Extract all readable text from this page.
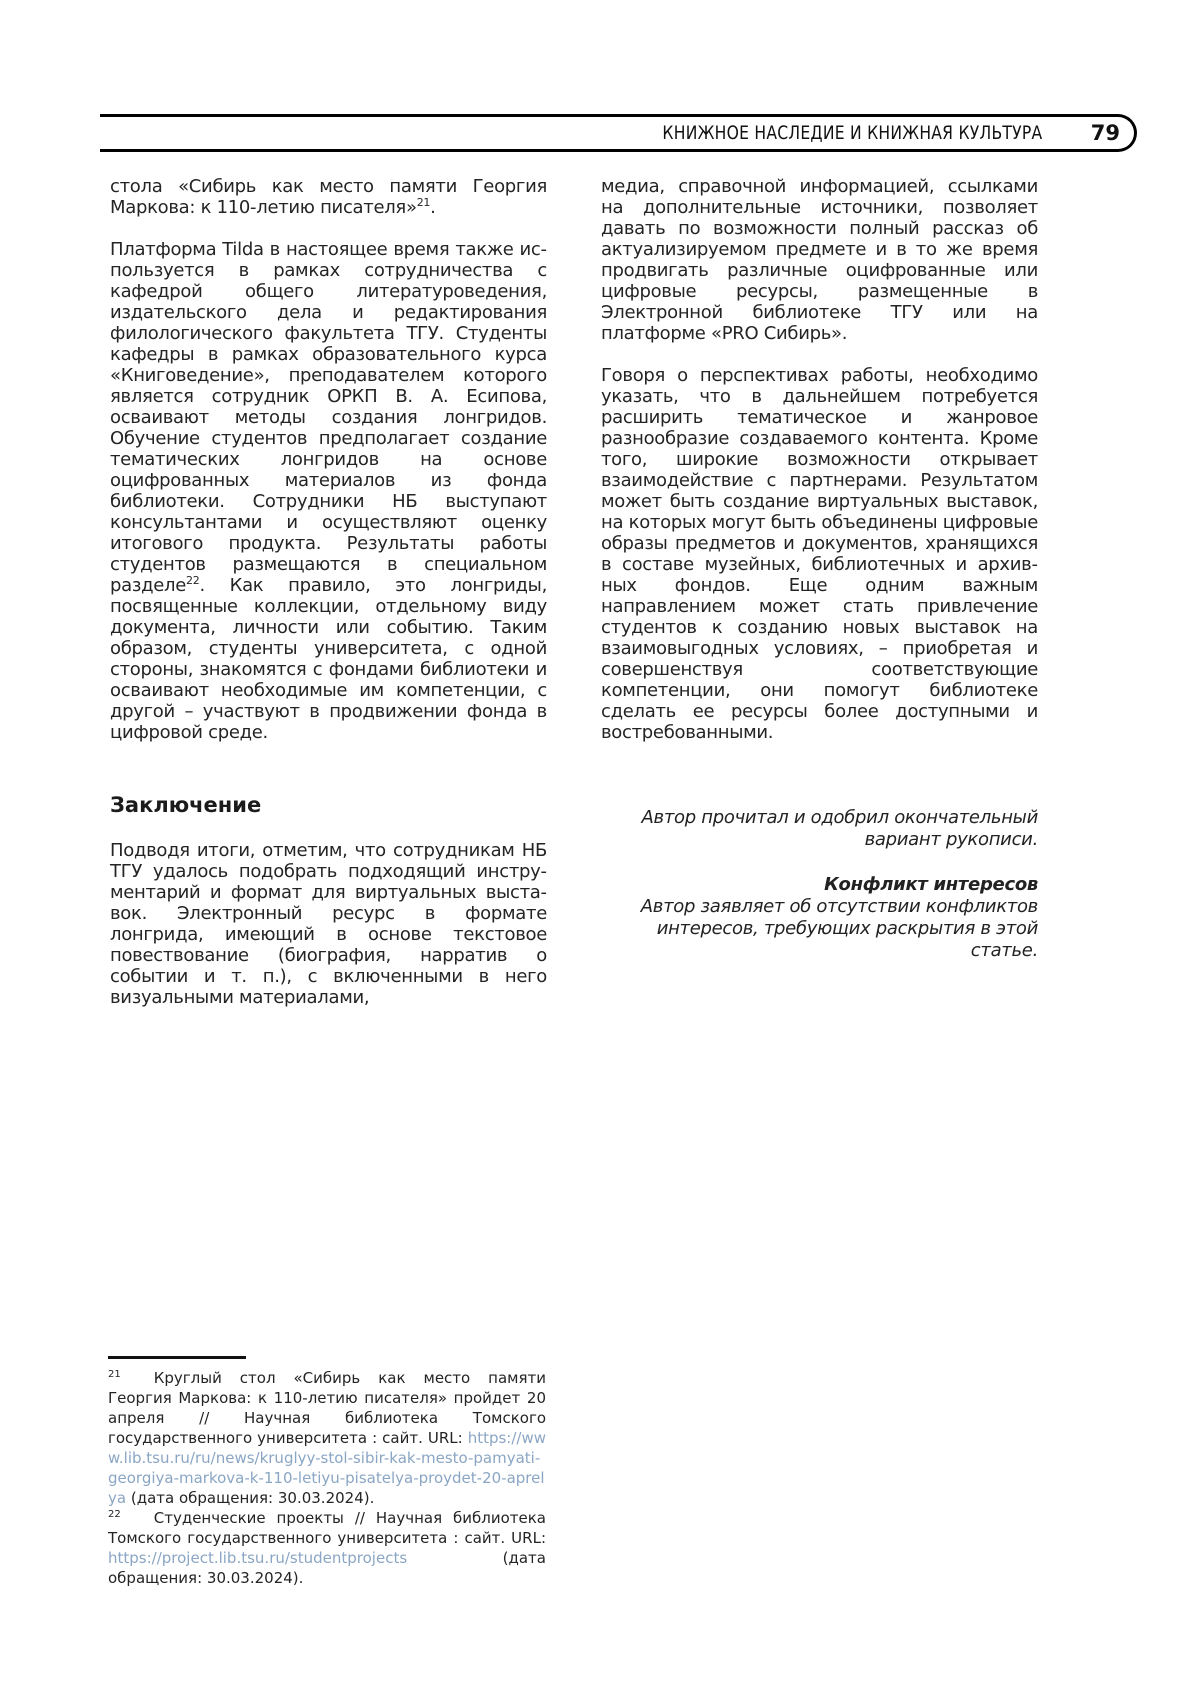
КНИЖНОЕ НАСЛЕДИЕ И КНИЖНАЯ КУЛЬТУРА 79

стола «Сибирь как место памяти Георгия Маркова: к 110-летию писателя»$^{21}$.

Платформа Tilda в настоящее время также используется в рамках сотрудничества с кафедрой общего литературоведения, издательского дела и редактирования филологического факультета ТГУ. Студенты кафедры в рамках образовательного курса «Книговедение», преподавателем которого является сотрудник ОРКП В. А. Есипова, осваивают методы создания лонгридов. Обучение студентов предполагает создание тематических лонгридов на основе оцифрованных материалов из фонда библиотеки. Сотрудники НБ выступают консультантами и осуществляют оценку итогового продукта. Результаты работы студентов размещаются в специальном разделе$^{22}$. Как правило, это лонгриды, посвященные коллекции, отдельному виду документа, личности или событию. Таким образом, студенты университета, с одной стороны, знакомятся с фондами библиотеки и осваивают необходимые им компетенции, с другой – участвуют в продвижении фонда в цифровой среде.

Заключение

Подводя итоги, отметим, что сотрудникам НБ ТГУ удалось подобрать подходящий инструментарий и формат для виртуальных выставок. Электронный ресурс в формате лонгрида, имеющий в основе текстовое повествование (биография, нарратив о событии и т. п.), с включенными в него визуальными материалами,

медиа, справочной информацией, ссылками на дополнительные источники, позволяет давать по возможности полный рассказ об актуализируемом предмете и в то же время продвигать различные оцифрованные или цифровые ресурсы, размещенные в Электронной библиотеке ТГУ или на платформе «PRO Сибирь».

Говоря о перспективах работы, необходимо указать, что в дальнейшем потребуется расширить тематическое и жанровое разнообразие создаваемого контента. Кроме того, широкие возможности открывает взаимодействие с партнерами. Результатом может быть создание виртуальных выставок, на которых могут быть объединены цифровые образы предметов и документов, хранящихся в составе музейных, библиотечных и архивных фондов. Еще одним важным направлением может стать привлечение студентов к созданию новых выставок на взаимовыгодных условиях, – приобретая и совершенствуя соответствующие компетенции, они помогут библиотеке сделать ее ресурсы более доступными и востребованными.

Автор прочитал и одобрил окончательный вариант рукописи.

Конфликт интересов

Автор заявляет об отсутствии конфликтов интересов, требующих раскрытия в этой статье.

$^{21}$ Круглый стол «Сибирь как место памяти Георгия Маркова: к 110-летию писателя» пройдет 20 апреля // Научная библиотека Томского государственного университета : сайт. URL: https://www.lib.tsu.ru/ru/news/kruglyy-stol-sibir-kak-mesto-pamyati-georgiya-markova-k-110-letiyu-pisatelya-proydet-20-aprelya (дата обращения: 30.03.2024).

$^{22}$ Студенческие проекты // Научная библиотека Томского государственного университета : сайт. URL: https://project.lib.tsu.ru/studentprojects (дата обращения: 30.03.2024).
